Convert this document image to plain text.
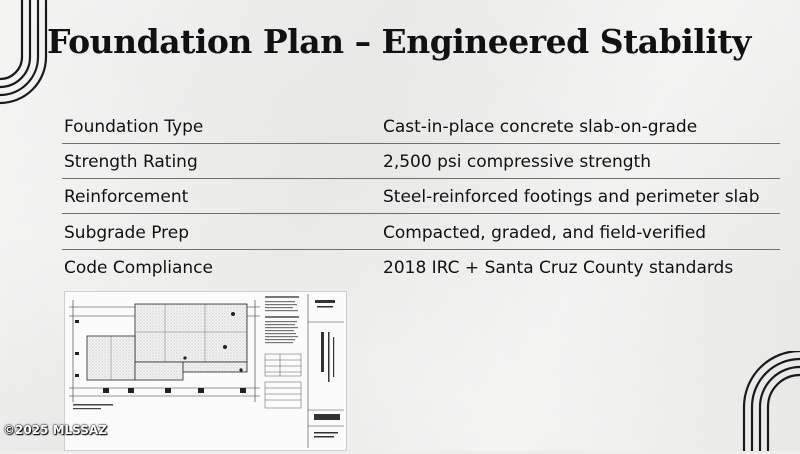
Foundation Plan – Engineered Stability
Foundation Type	Cast-in-place concrete slab-on-grade
Strength Rating	2,500 psi compressive strength
Reinforcement	Steel-reinforced footings and perimeter slab
Subgrade Prep	Compacted, graded, and field-verified
Code Compliance	2018 IRC + Santa Cruz County standards
©2025 MLSSAZ
